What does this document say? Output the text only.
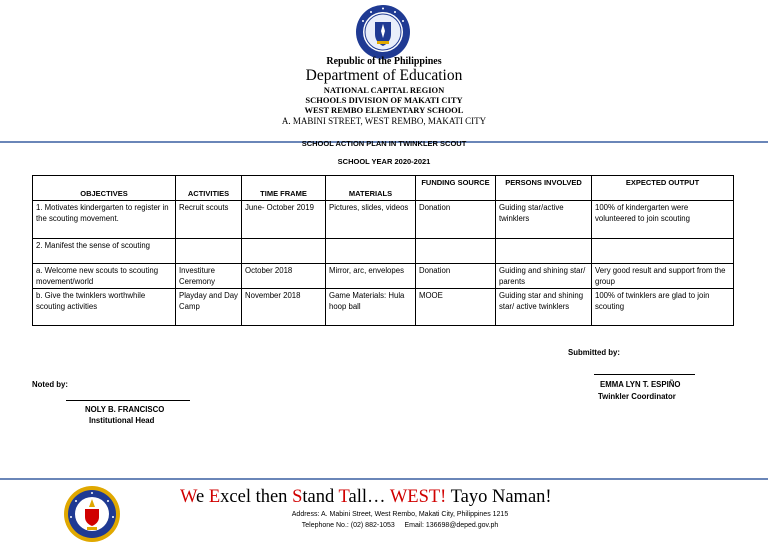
Republic of the Philippines
Department of Education
NATIONAL CAPITAL REGION
SCHOOLS DIVISION OF MAKATI CITY
WEST REMBO ELEMENTARY SCHOOL
A. MABINI STREET, WEST REMBO, MAKATI CITY
SCHOOL ACTION PLAN IN TWINKLER SCOUT
SCHOOL YEAR 2020-2021
OBJECTIVES	ACTIVITIES	TIME FRAME	MATERIALS	FUNDING SOURCE	PERSONS INVOLVED	EXPECTED OUTPUT
1. Motivates kindergarten to register in the scouting movement.	Recruit scouts	June- October 2019	Pictures, slides, videos	Donation	Guiding star/active twinklers	100% of kindergarten were volunteered to join scouting
2. Manifest the sense of scouting						
a. Welcome new scouts to scouting movement/world	Investiture Ceremony	October 2018	Mirror, arc, envelopes	Donation	Guiding and shining star/ parents	Very good result and support from the group
b. Give the twinklers worthwhile scouting activities	Playday and Day Camp	November 2018	Game Materials: Hula hoop ball	MOOE	Guiding star and shining star/ active twinklers	100% of twinklers are glad to join scouting
Submitted by:
EMMA LYN T. ESPIÑO
Twinkler Coordinator
Noted by:
NOLY B. FRANCISCO
Institutional Head
We Excel then Stand Tall… WEST! Tayo Naman!
Address: A. Mabini Street, West Rembo, Makati City, Philippines 1215
Telephone No.: (02) 882-1053     Email: 136698@deped.gov.ph
